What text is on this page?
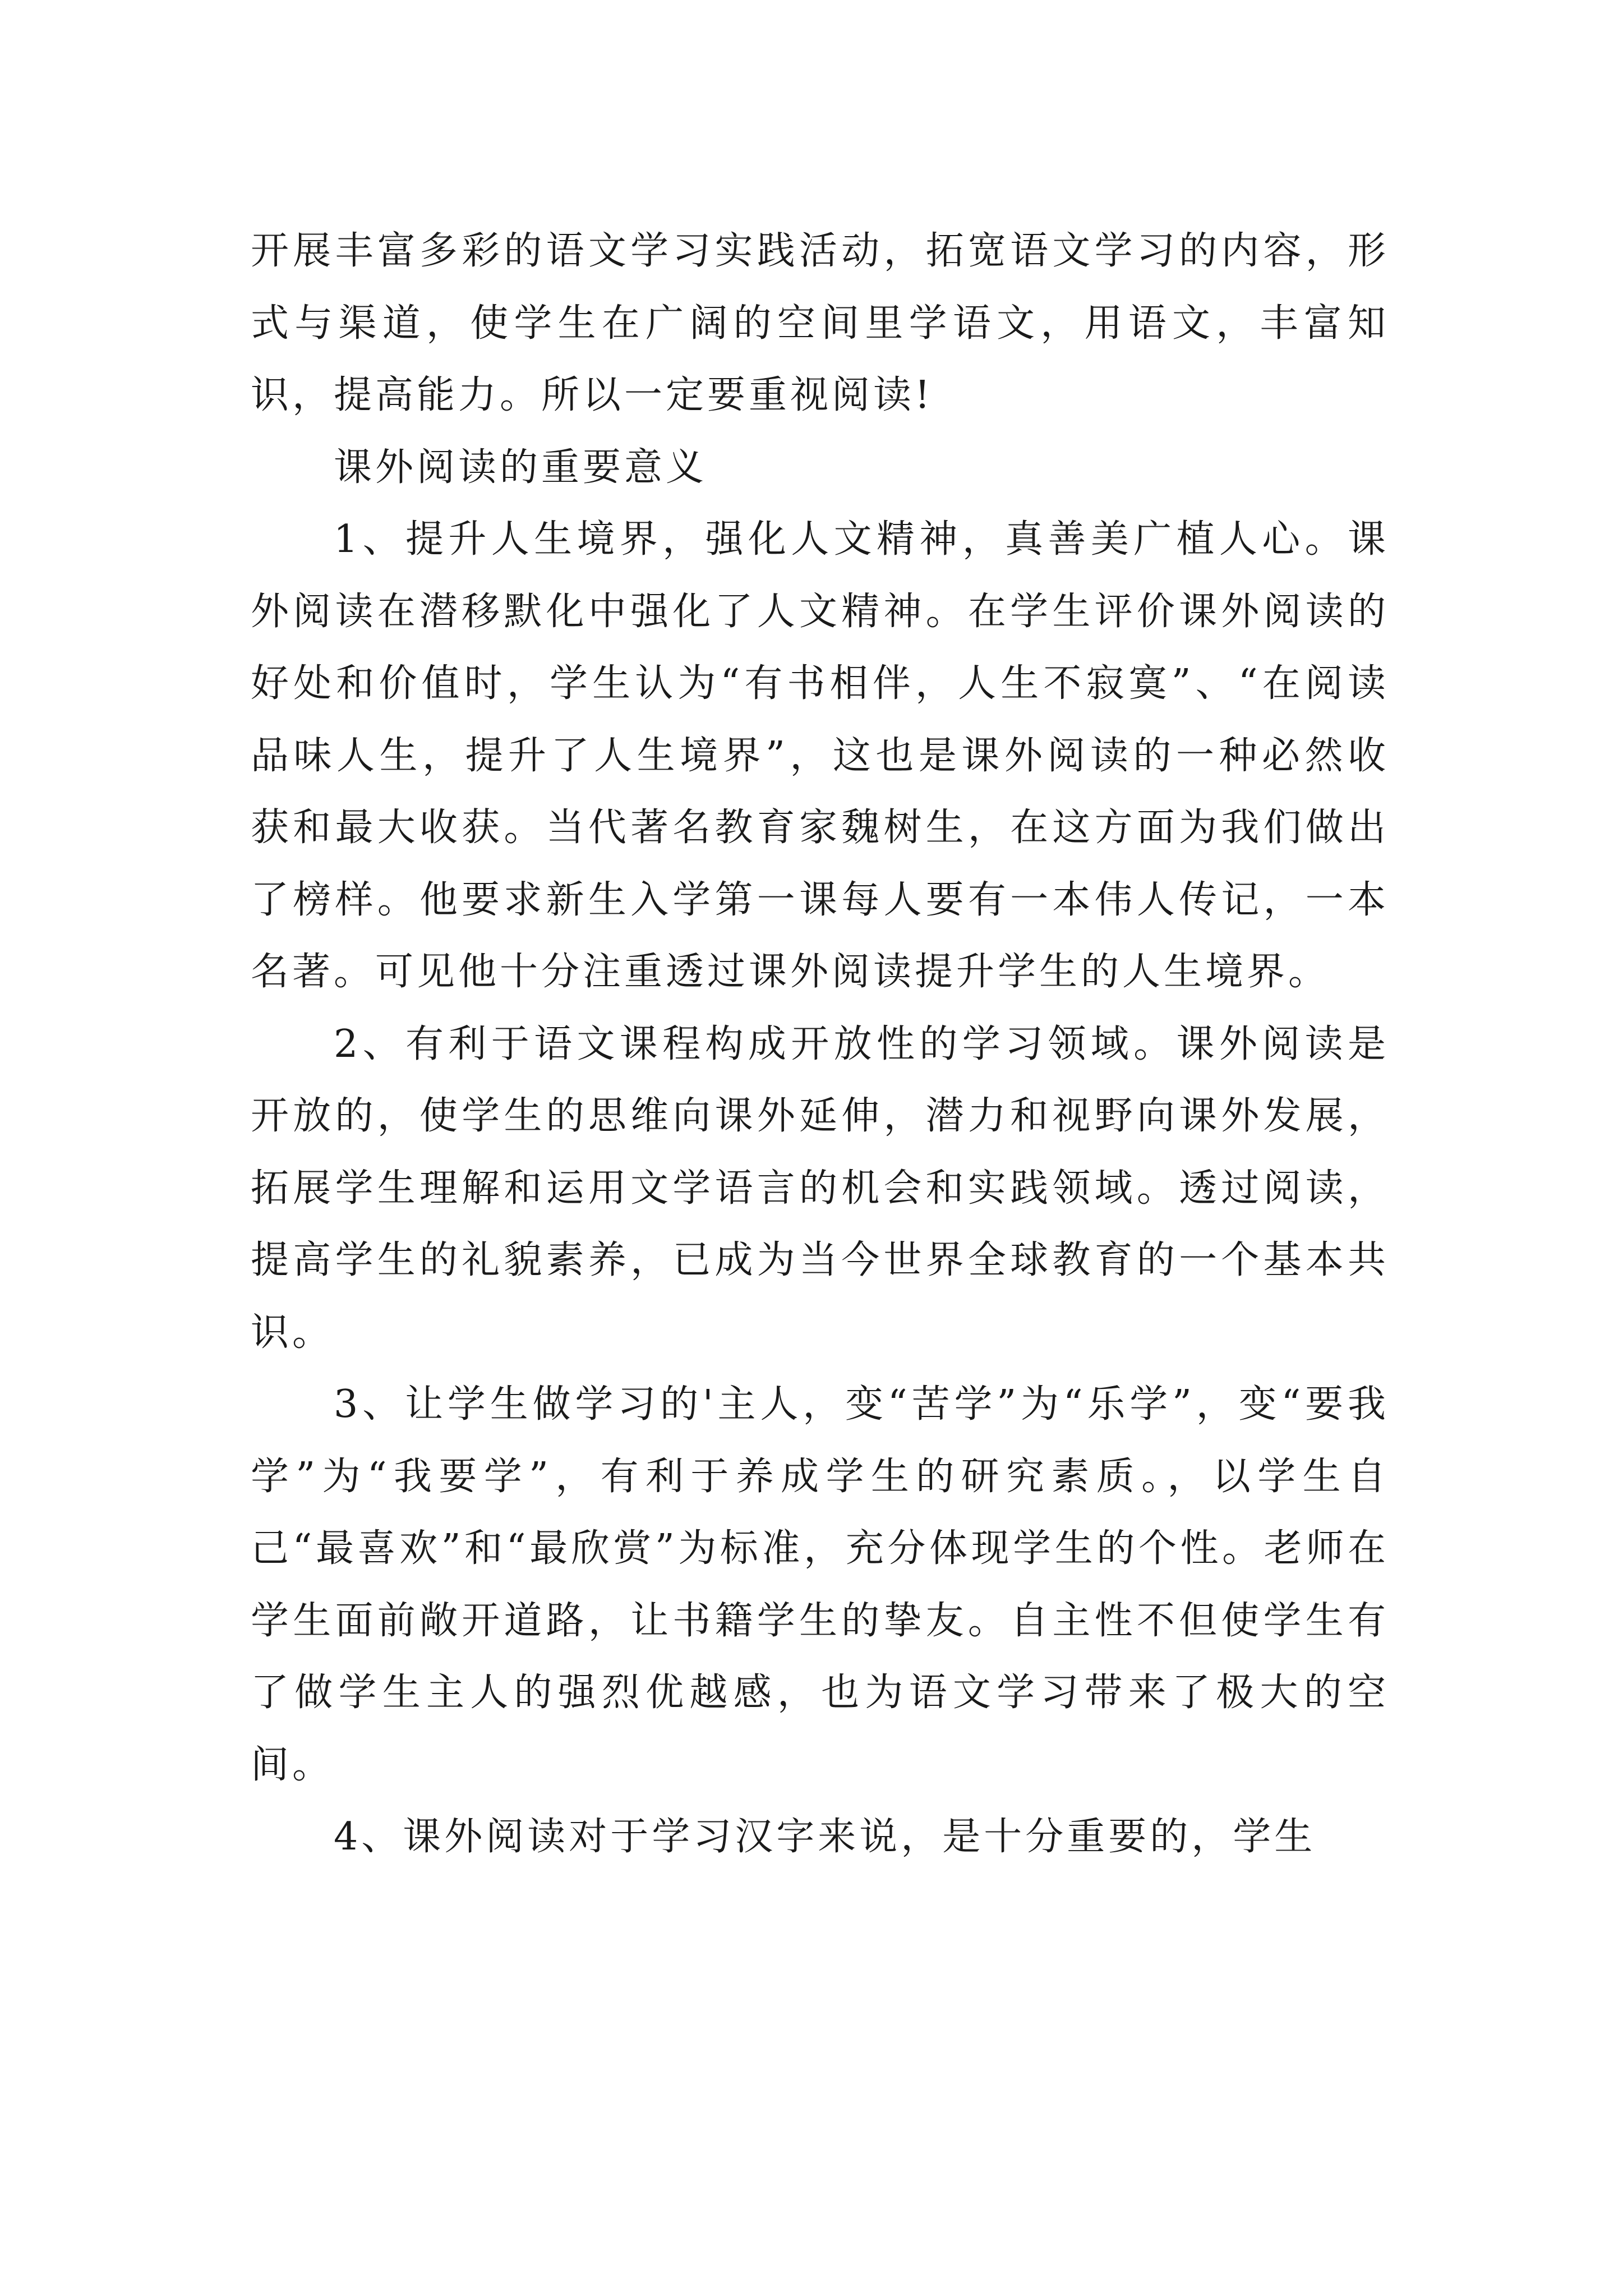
开展丰富多彩的语文学习实践活动，拓宽语文学习的内容，形式与渠道，使学生在广阔的空间里学语文，用语文，丰富知识，提高能力。所以一定要重视阅读!

课外阅读的重要意义

1、提升人生境界，强化人文精神，真善美广植人心。课外阅读在潜移默化中强化了人文精神。在学生评价课外阅读的好处和价值时，学生认为“有书相伴，人生不寂寞”、“在阅读品味人生，提升了人生境界”，这也是课外阅读的一种必然收获和最大收获。当代著名教育家魏树生，在这方面为我们做出了榜样。他要求新生入学第一课每人要有一本伟人传记，一本名著。可见他十分注重透过课外阅读提升学生的人生境界。

2、有利于语文课程构成开放性的学习领域。课外阅读是开放的，使学生的思维向课外延伸，潜力和视野向课外发展，拓展学生理解和运用文学语言的机会和实践领域。透过阅读，提高学生的礼貌素养，已成为当今世界全球教育的一个基本共识。

3、让学生做学习的'主人，变“苦学”为“乐学”，变“要我学”为“我要学”，有利于养成学生的研究素质。，以学生自己“最喜欢”和“最欣赏”为标准，充分体现学生的个性。老师在学生面前敞开道路，让书籍学生的挚友。自主性不但使学生有了做学生主人的强烈优越感，也为语文学习带来了极大的空间。

4、课外阅读对于学习汉字来说，是十分重要的，学生
